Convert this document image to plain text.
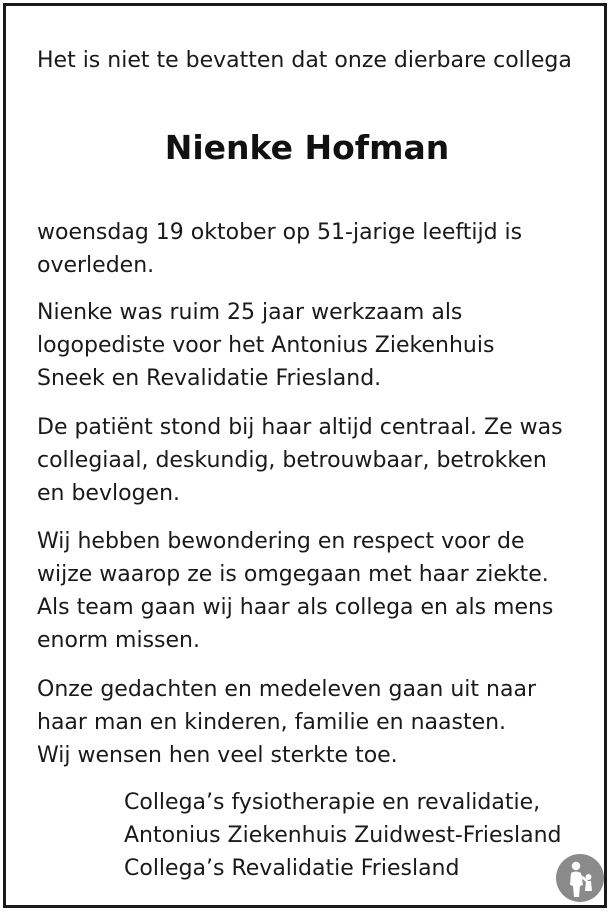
Het is niet te bevatten dat onze dierbare collega

Nienke Hofman

woensdag 19 oktober op 51-jarige leeftijd is
overleden.

Nienke was ruim 25 jaar werkzaam als
logopediste voor het Antonius Ziekenhuis
Sneek en Revalidatie Friesland.

De patiënt stond bij haar altijd centraal. Ze was
collegiaal, deskundig, betrouwbaar, betrokken
en bevlogen.

Wij hebben bewondering en respect voor de
wijze waarop ze is omgegaan met haar ziekte.
Als team gaan wij haar als collega en als mens
enorm missen.

Onze gedachten en medeleven gaan uit naar
haar man en kinderen, familie en naasten.
Wij wensen hen veel sterkte toe.

Collega’s fysiotherapie en revalidatie,
Antonius Ziekenhuis Zuidwest-Friesland
Collega’s Revalidatie Friesland
